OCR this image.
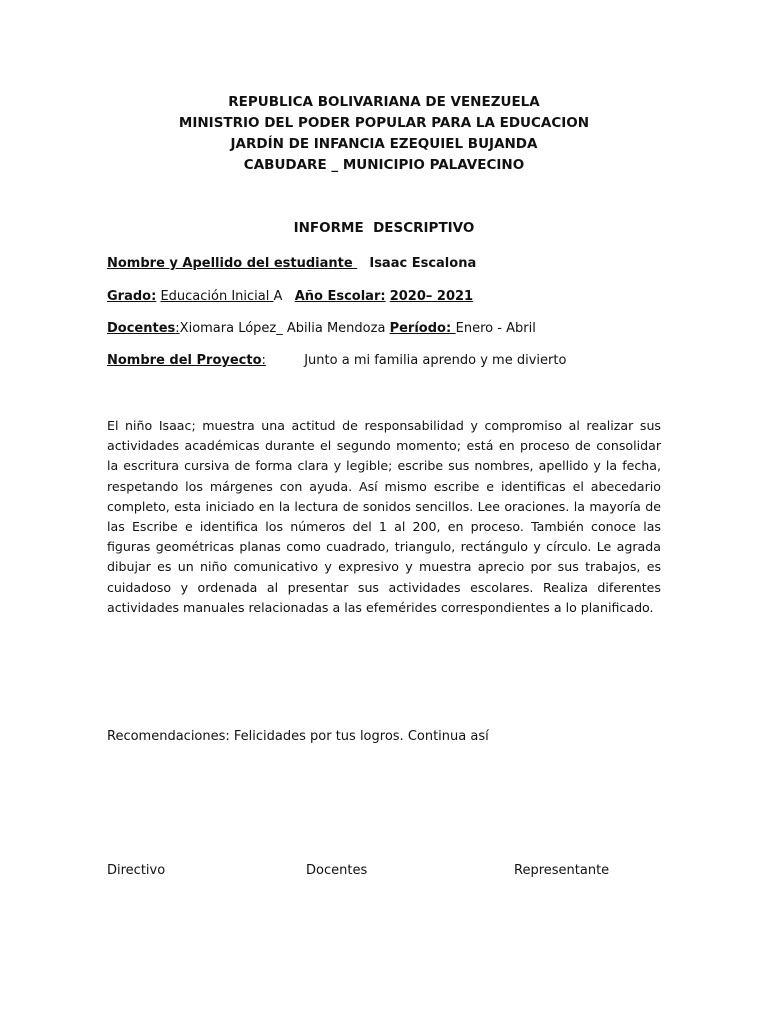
REPUBLICA BOLIVARIANA DE VENEZUELA
MINISTRIO DEL PODER POPULAR PARA LA EDUCACION
JARDÍN DE INFANCIA EZEQUIEL BUJANDA
CABUDARE _ MUNICIPIO PALAVECINO
INFORME  DESCRIPTIVO
Nombre y Apellido del estudiante  Isaac Escalona
Grado: Educación Inicial A Año Escolar: 2020– 2021
Docentes:Xiomara López_ Abilia Mendoza Período: Enero - Abril
Nombre del Proyecto:	Junto a mi familia aprendo y me divierto
El niño Isaac; muestra una actitud de responsabilidad y compromiso al realizar sus actividades académicas durante el segundo momento; está en proceso de consolidar la escritura cursiva de forma clara y legible; escribe sus nombres, apellido y la fecha, respetando los márgenes con ayuda. Así mismo escribe e identificas el abecedario completo, esta iniciado en la lectura de sonidos sencillos. Lee oraciones. la mayoría de las Escribe e identifica los números del 1 al 200, en proceso. También conoce las figuras geométricas planas como cuadrado, triangulo, rectángulo y círculo. Le agrada dibujar es un niño comunicativo y expresivo y muestra aprecio por sus trabajos, es cuidadoso y ordenada al presentar sus actividades escolares. Realiza diferentes actividades manuales relacionadas a las efemérides correspondientes a lo planificado.
Recomendaciones: Felicidades por tus logros. Continua así
Directivo	Docentes	Representante
